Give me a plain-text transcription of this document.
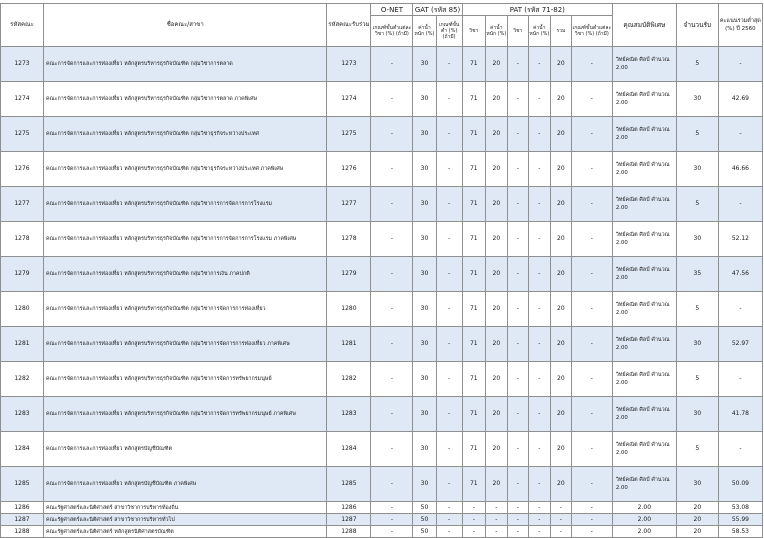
รหัสคณะ	ชื่อคณะ/สาขา	รหัสคณะรับร่วม	O-NET	GAT (รหัส 85)		PAT (รหัส 71-82)						คุณสมบัติพิเศษ	จำนวนรับ	คะแนนรวมต่ำสุด (%) ปี 2560
			เกณฑ์ขั้นต่ำแต่ละวิชา (%) (ถ้ามี)	ค่าน้ำหนัก (%)	เกณฑ์ขั้นต่ำ (%) (ถ้ามี)	วิชา	ค่าน้ำหนัก (%)	วิชา	ค่าน้ำหนัก (%)	รวม	เกณฑ์ขั้นต่ำแต่ละวิชา (%) (ถ้ามี)			
1273	คณะการจัดการและการท่องเที่ยว หลักสูตรบริหารธุรกิจบัณฑิต กลุ่มวิชาการตลาด	1273	-	30	-	71	20	-	-	20	-	วิทย์คณิต ศิลป์ คำนวณ 2.00	5	-
1274	คณะการจัดการและการท่องเที่ยว หลักสูตรบริหารธุรกิจบัณฑิต กลุ่มวิชาการตลาด ภาคพิเศษ	1274	-	30	-	71	20	-	-	20	-	วิทย์คณิต ศิลป์ คำนวณ 2.00	30	42.69
1275	คณะการจัดการและการท่องเที่ยว หลักสูตรบริหารธุรกิจบัณฑิต กลุ่มวิชาธุรกิจระหว่างประเทศ	1275	-	30	-	71	20	-	-	20	-	วิทย์คณิต ศิลป์ คำนวณ 2.00	5	-
1276	คณะการจัดการและการท่องเที่ยว หลักสูตรบริหารธุรกิจบัณฑิต กลุ่มวิชาธุรกิจระหว่างประเทศ ภาคพิเศษ	1276	-	30	-	71	20	-	-	20	-	วิทย์คณิต ศิลป์ คำนวณ 2.00	30	46.66
1277	คณะการจัดการและการท่องเที่ยว หลักสูตรบริหารธุรกิจบัณฑิต กลุ่มวิชาการการจัดการการโรงแรม	1277	-	30	-	71	20	-	-	20	-	วิทย์คณิต ศิลป์ คำนวณ 2.00	5	-
1278	คณะการจัดการและการท่องเที่ยว หลักสูตรบริหารธุรกิจบัณฑิต กลุ่มวิชาการการจัดการการโรงแรม ภาคพิเศษ	1278	-	30	-	71	20	-	-	20	-	วิทย์คณิต ศิลป์ คำนวณ 2.00	30	52.12
1279	คณะการจัดการและการท่องเที่ยว หลักสูตรบริหารธุรกิจบัณฑิต กลุ่มวิชาการเงิน ภาคปกติ	1279	-	30	-	71	20	-	-	20	-	วิทย์คณิต ศิลป์ คำนวณ 2.00	35	47.56
1280	คณะการจัดการและการท่องเที่ยว หลักสูตรบริหารธุรกิจบัณฑิต กลุ่มวิชาการจัดการการท่องเที่ยว	1280	-	30	-	71	20	-	-	20	-	วิทย์คณิต ศิลป์ คำนวณ 2.00	5	-
1281	คณะการจัดการและการท่องเที่ยว หลักสูตรบริหารธุรกิจบัณฑิต กลุ่มวิชาการจัดการการท่องเที่ยว ภาคพิเศษ	1281	-	30	-	71	20	-	-	20	-	วิทย์คณิต ศิลป์ คำนวณ 2.00	30	52.97
1282	คณะการจัดการและการท่องเที่ยว หลักสูตรบริหารธุรกิจบัณฑิต กลุ่มวิชาการจัดการทรัพยากรมนุษย์	1282	-	30	-	71	20	-	-	20	-	วิทย์คณิต ศิลป์ คำนวณ 2.00	5	-
1283	คณะการจัดการและการท่องเที่ยว หลักสูตรบริหารธุรกิจบัณฑิต กลุ่มวิชาการจัดการทรัพยากรมนุษย์ ภาคพิเศษ	1283	-	30	-	71	20	-	-	20	-	วิทย์คณิต ศิลป์ คำนวณ 2.00	30	41.78
1284	คณะการจัดการและการท่องเที่ยว หลักสูตรบัญชีบัณฑิต	1284	-	30	-	71	20	-	-	20	-	วิทย์คณิต ศิลป์ คำนวณ 2.00	5	-
1285	คณะการจัดการและการท่องเที่ยว หลักสูตรบัญชีบัณฑิต ภาคพิเศษ	1285	-	30	-	71	20	-	-	20	-	วิทย์คณิต ศิลป์ คำนวณ 2.00	30	50.09
1286	คณะรัฐศาสตร์และนิติศาสตร์ สาขาวิชาการบริหารท้องถิ่น	1286	-	50	-	-	-	-	-	-	-	2.00	20	53.08
1287	คณะรัฐศาสตร์และนิติศาสตร์ สาขาวิชาการบริหารทั่วไป	1287	-	50	-	-	-	-	-	-	-	2.00	20	55.99
1288	คณะรัฐศาสตร์และนิติศาสตร์ หลักสูตรนิติศาสตรบัณฑิต	1288	-	50	-	-	-	-	-	-	-	2.00	20	58.53
